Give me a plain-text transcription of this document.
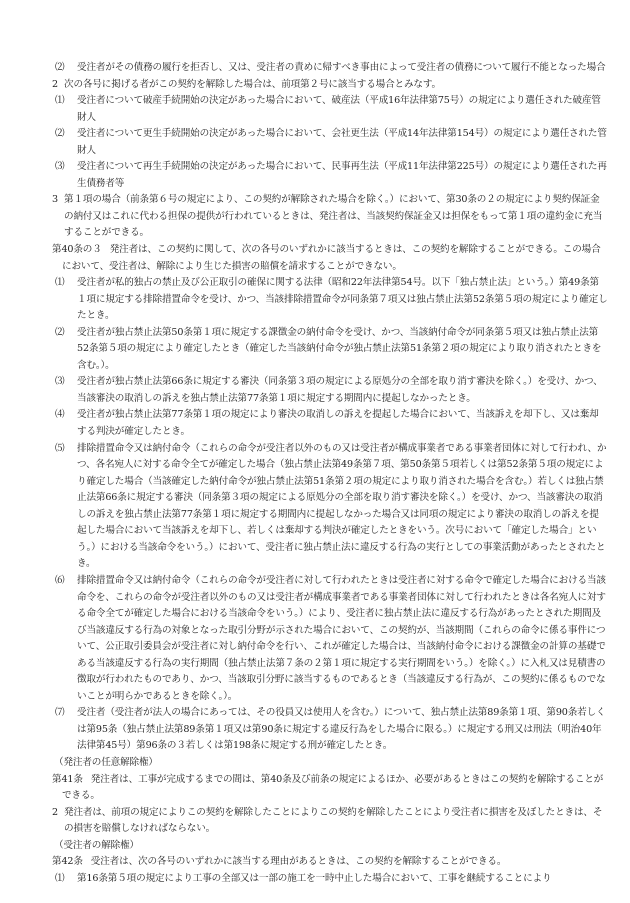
⑵ 受注者がその債務の履行を拒否し、又は、受注者の責めに帰すべき事由によって受注者の債務について履行不能となった場合
2 次の各号に掲げる者がこの契約を解除した場合は、前項第２号に該当する場合とみなす。
⑴ 受注者について破産手続開始の決定があった場合において、破産法（平成16年法律第75号）の規定により選任された破産管財人
⑵ 受注者について更生手続開始の決定があった場合において、会社更生法（平成14年法律第154号）の規定により選任された管財人
⑶ 受注者について再生手続開始の決定があった場合において、民事再生法（平成11年法律第225号）の規定により選任された再生債務者等
3 第１項の場合（前条第６号の規定により、この契約が解除された場合を除く。）において、第30条の２の規定により契約保証金の納付又はこれに代わる担保の提供が行われているときは、発注者は、当該契約保証金又は担保をもって第１項の違約金に充当することができる。
第40条の３ 発注者は、この契約に関して、次の各号のいずれかに該当するときは、この契約を解除することができる。この場合において、受注者は、解除により生じた損害の賠償を請求することができない。
⑴ 受注者が私的独占の禁止及び公正取引の確保に関する法律（昭和22年法律第54号。以下「独占禁止法」という。）第49条第１項に規定する排除措置命令を受け、かつ、当該排除措置命令が同条第７項又は独占禁止法第52条第５項の規定により確定したとき。
⑵ 受注者が独占禁止法第50条第１項に規定する課徴金の納付命令を受け、かつ、当該納付命令が同条第５項又は独占禁止法第52条第５項の規定により確定したとき（確定した当該納付命令が独占禁止法第51条第２項の規定により取り消されたときを含む。）。
⑶ 受注者が独占禁止法第66条に規定する審決（同条第３項の規定による原処分の全部を取り消す審決を除く。）を受け、かつ、当該審決の取消しの訴えを独占禁止法第77条第１項に規定する期間内に提起しなかったとき。
⑷ 受注者が独占禁止法第77条第１項の規定により審決の取消しの訴えを提起した場合において、当該訴えを却下し、又は棄却する判決が確定したとき。
⑸ 排除措置命令又は納付命令（これらの命令が受注者以外のもの又は受注者が構成事業者である事業者団体に対して行われ、かつ、各名宛人に対する命令全てが確定した場合（独占禁止法第49条第７項、第50条第５項若しくは第52条第５項の規定により確定した場合（当該確定した納付命令が独占禁止法第51条第２項の規定により取り消された場合を含む。）若しくは独占禁止法第66条に規定する審決（同条第３項の規定による原処分の全部を取り消す審決を除く。）を受け、かつ、当該審決の取消しの訴えを独占禁止法第77条第１項に規定する期間内に提起しなかった場合又は同項の規定により審決の取消しの訴えを提起した場合において当該訴えを却下し、若しくは棄却する判決が確定したときをいう。次号において「確定した場合」という。）における当該命令をいう。）において、受注者に独占禁止法に違反する行為の実行としての事業活動があったとされたとき。
⑹ 排除措置命令又は納付命令（これらの命令が受注者に対して行われたときは受注者に対する命令で確定した場合における当該命令を、これらの命令が受注者以外のもの又は受注者が構成事業者である事業者団体に対して行われたときは各名宛人に対する命令全てが確定した場合における当該命令をいう。）により、受注者に独占禁止法に違反する行為があったとされた期間及び当該違反する行為の対象となった取引分野が示された場合において、この契約が、当該期間（これらの命令に係る事件について、公正取引委員会が受注者に対し納付命令を行い、これが確定した場合は、当該納付命令における課徴金の計算の基礎である当該違反する行為の実行期間（独占禁止法第７条の２第１項に規定する実行期間をいう。）を除く。）に入札又は見積書の徴取が行われたものであり、かつ、当該取引分野に該当するものであるとき（当該違反する行為が、この契約に係るものでないことが明らかであるときを除く。）。
⑺ 受注者（受注者が法人の場合にあっては、その役員又は使用人を含む。）について、独占禁止法第89条第１項、第90条若しくは第95条（独占禁止法第89条第１項又は第90条に規定する違反行為をした場合に限る。）に規定する刑又は刑法（明治40年法律第45号）第96条の３若しくは第198条に規定する刑が確定したとき。
（発注者の任意解除権）
第41条 発注者は、工事が完成するまでの間は、第40条及び前条の規定によるほか、必要があるときはこの契約を解除することができる。
2 発注者は、前項の規定によりこの契約を解除したことによりこの契約を解除したことにより受注者に損害を及ぼしたときは、その損害を賠償しなければならない。
（受注者の解除権）
第42条 受注者は、次の各号のいずれかに該当する理由があるときは、この契約を解除することができる。
⑴ 第16条第５項の規定により工事の全部又は一部の施工を一時中止した場合において、工事を継続することにより
